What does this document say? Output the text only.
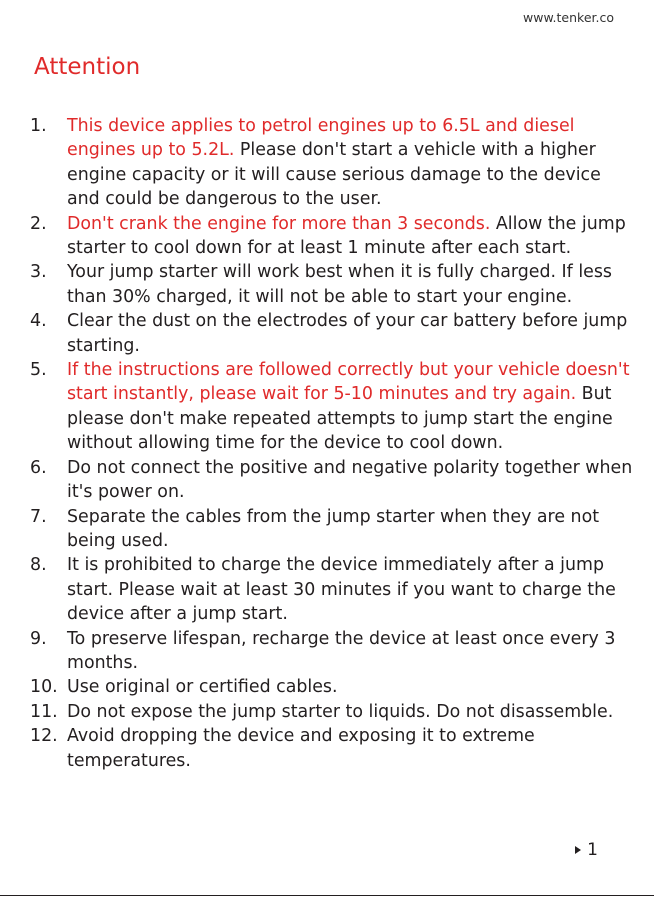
www.tenker.co
Attention
1.	This device applies to petrol engines up to 6.5L and diesel engines up to 5.2L. Please don't start a vehicle with a higher engine capacity or it will cause serious damage to the device and could be dangerous to the user.
2.	Don't crank the engine for more than 3 seconds. Allow the jump starter to cool down for at least 1 minute after each start.
3.	Your jump starter will work best when it is fully charged. If less than 30% charged, it will not be able to start your engine.
4.	Clear the dust on the electrodes of your car battery before jump starting.
5.	If the instructions are followed correctly but your vehicle doesn't start instantly, please wait for 5-10 minutes and try again. But please don't make repeated attempts to jump start the engine without allowing time for the device to cool down.
6.	Do not connect the positive and negative polarity together when it's power on.
7.	Separate the cables from the jump starter when they are not being used.
8.	It is prohibited to charge the device immediately after a jump start. Please wait at least 30 minutes if you want to charge the device after a jump start.
9.	To preserve lifespan, recharge the device at least once every 3 months.
10. Use original or certified cables.
11. Do not expose the jump starter to liquids. Do not disassemble.
12. Avoid dropping the device and exposing it to extreme temperatures.
1
